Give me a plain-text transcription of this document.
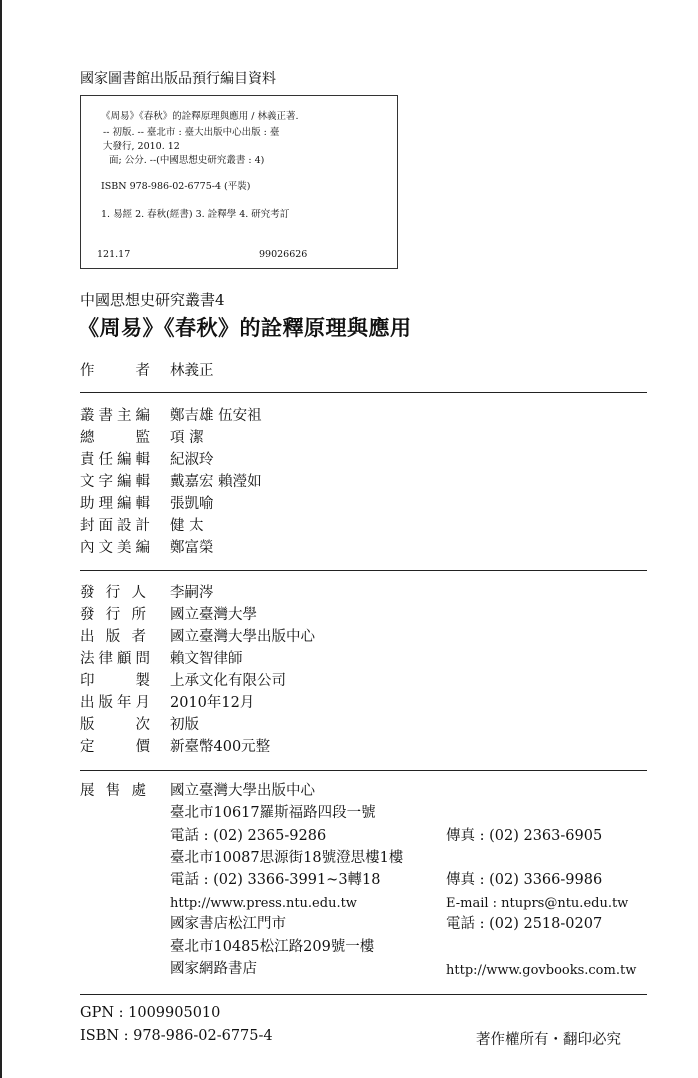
國家圖書館出版品預行編目資料
《周易》《春秋》的詮釋原理與應用 / 林義正著.
-- 初版. -- 臺北市 : 臺大出版中心出版 : 臺
大發行, 2010. 12
面; 公分. --(中國思想史研究叢書 : 4)
ISBN 978-986-02-6775-4 (平裝)
1. 易經 2. 春秋(經書) 3. 詮釋學 4. 研究考訂
121.17	99026626
中國思想史研究叢書4
《周易》《春秋》的詮釋原理與應用
作	者 林義正
叢 書 主 編 鄭吉雄 伍安祖
總	監 項 潔
責 任 編 輯 紀淑玲
文 字 編 輯 戴嘉宏 賴瀅如
助 理 編 輯 張凱喻
封 面 設 計 健 太
內 文 美 編 鄭富榮
發 行 人 李嗣涔
發 行 所 國立臺灣大學
出 版 者 國立臺灣大學出版中心
法 律 顧 問 賴文智律師
印	製 上承文化有限公司
出 版 年 月 2010年12月
版	次 初版
定	價 新臺幣400元整
展 售 處 國立臺灣大學出版中心
臺北市10617羅斯福路四段一號
電話 : (02) 2365-9286	傳真 : (02) 2363-6905
臺北市10087思源街18號澄思樓1樓
電話 : (02) 3366-3991~3轉18	傳真 : (02) 3366-9986
http://www.press.ntu.edu.tw	E-mail : ntuprs@ntu.edu.tw
國家書店松江門市	電話 : (02) 2518-0207
臺北市10485松江路209號一樓
國家網路書店	http://www.govbooks.com.tw
GPN : 1009905010
ISBN : 978-986-02-6775-4	著作權所有・翻印必究
